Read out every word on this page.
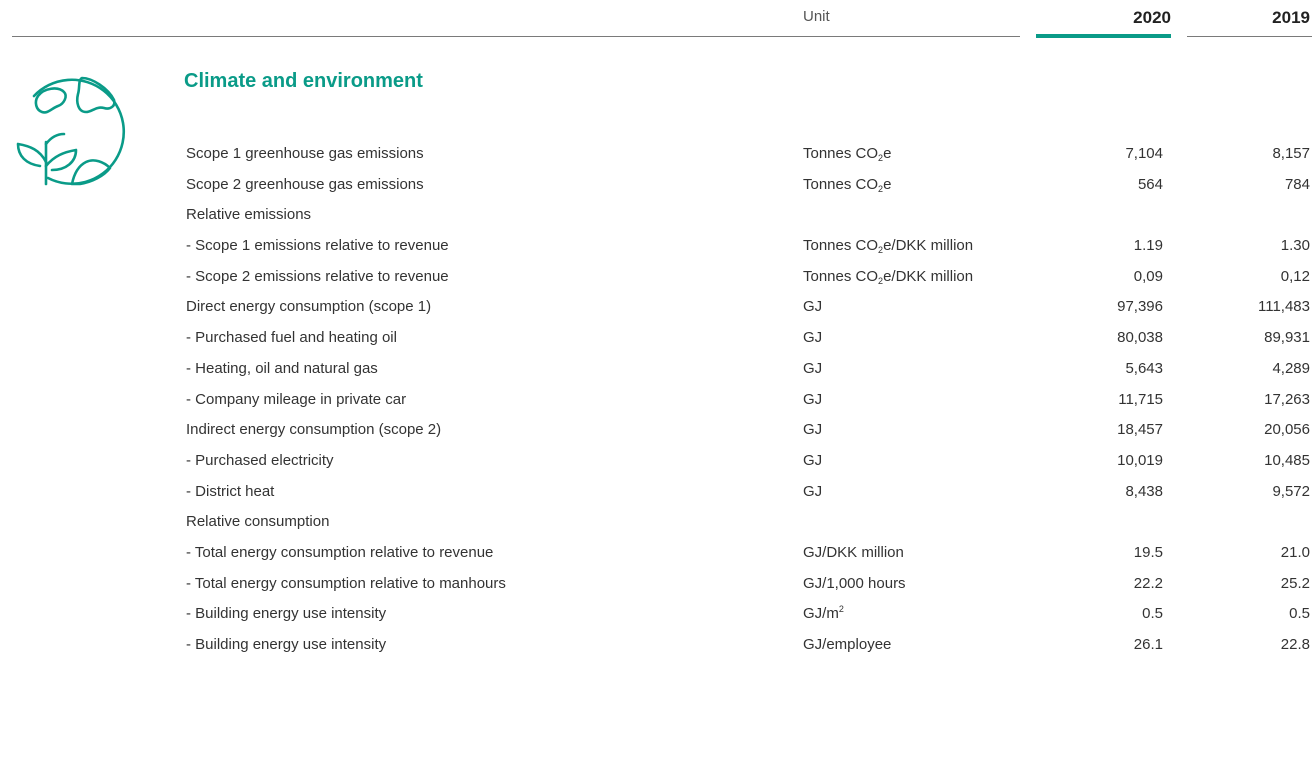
Unit	2020	2019
Climate and environment
Scope 1 greenhouse gas emissions	Tonnes $CO_2e$	7,104	8,157
Scope 2 greenhouse gas emissions	Tonnes $CO_2e$	564	784
Relative emissions
- Scope 1 emissions relative to revenue	Tonnes $CO_2e$/DKK million	1.19	1.30
- Scope 2 emissions relative to revenue	Tonnes $CO_2e$/DKK million	0,09	0,12
Direct energy consumption (scope 1)	GJ	97,396	111,483
- Purchased fuel and heating oil	GJ	80,038	89,931
- Heating, oil and natural gas	GJ	5,643	4,289
- Company mileage in private car	GJ	11,715	17,263
Indirect energy consumption (scope 2)	GJ	18,457	20,056
- Purchased electricity	GJ	10,019	10,485
- District heat	GJ	8,438	9,572
Relative consumption
- Total energy consumption relative to revenue	GJ/DKK million	19.5	21.0
- Total energy consumption relative to manhours	GJ/1,000 hours	22.2	25.2
- Building energy use intensity	$GJ/m^2$	0.5	0.5
- Building energy use intensity	GJ/employee	26.1	22.8
